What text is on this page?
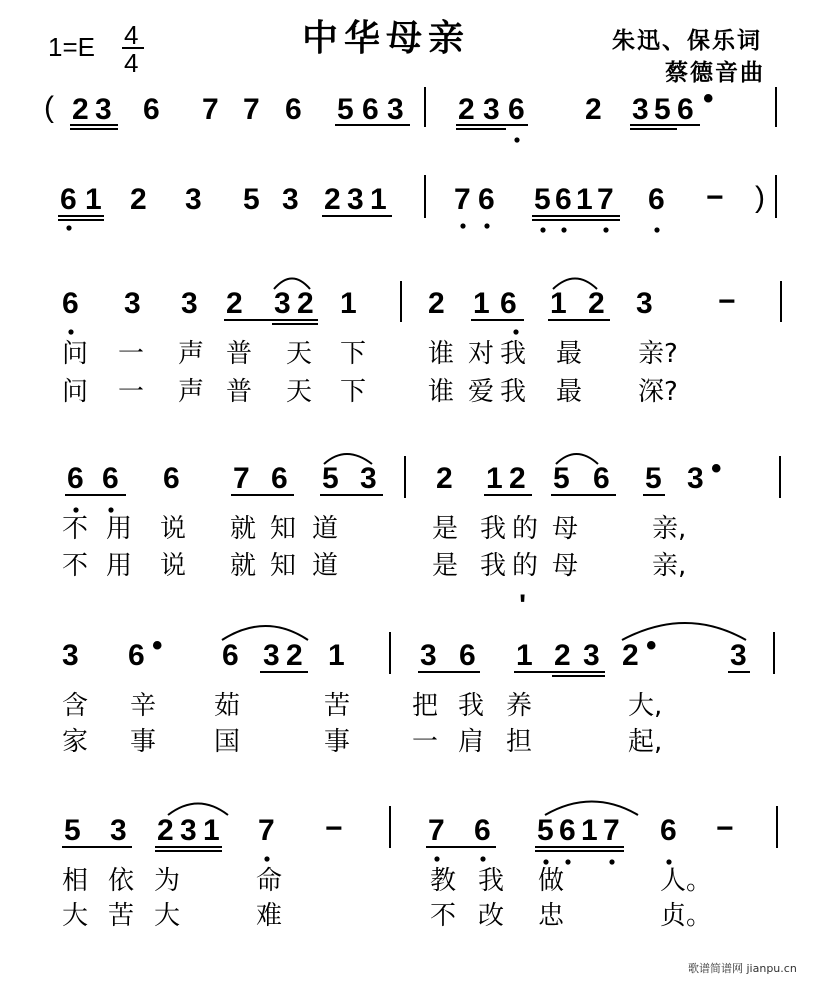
1=E 4
4
中华母亲	朱迅、保乐词
蔡德音曲
( 2 3 6 7 7 6 5 6 3 2 3 6 2 3 5 6 •
6 1 2 3 5 3 2 3 1 7 6 5 6 1 7 6 − )
6 3 3 2 3 2 1 2 1 6 1 2 3 −
问 一 声 普 天 下 谁 对 我 最 亲?
问 一 声 普 天 下 谁 爱 我 最 深?
6 6 6 7 6 5 3 2 1 2 5 6 5 3 •
不 用 说 就 知 道	是 我 的 母	亲,
不 用 说 就 知 道	是 我 的 母	亲,
'
3 6 • 6 3 2 1	3 6 1 2 3 2 • 3
含 辛 茹	苦 把 我 养	大,
家 事 国	事 一 肩 担	起,
5 3 2 3 1 7 −	7 6 5 6 1 7 6 −
相 依 为	命	教 我 做	人。
大 苦 大	难	不 改 忠	贞。
歌谱简谱网 jianpu.cn
